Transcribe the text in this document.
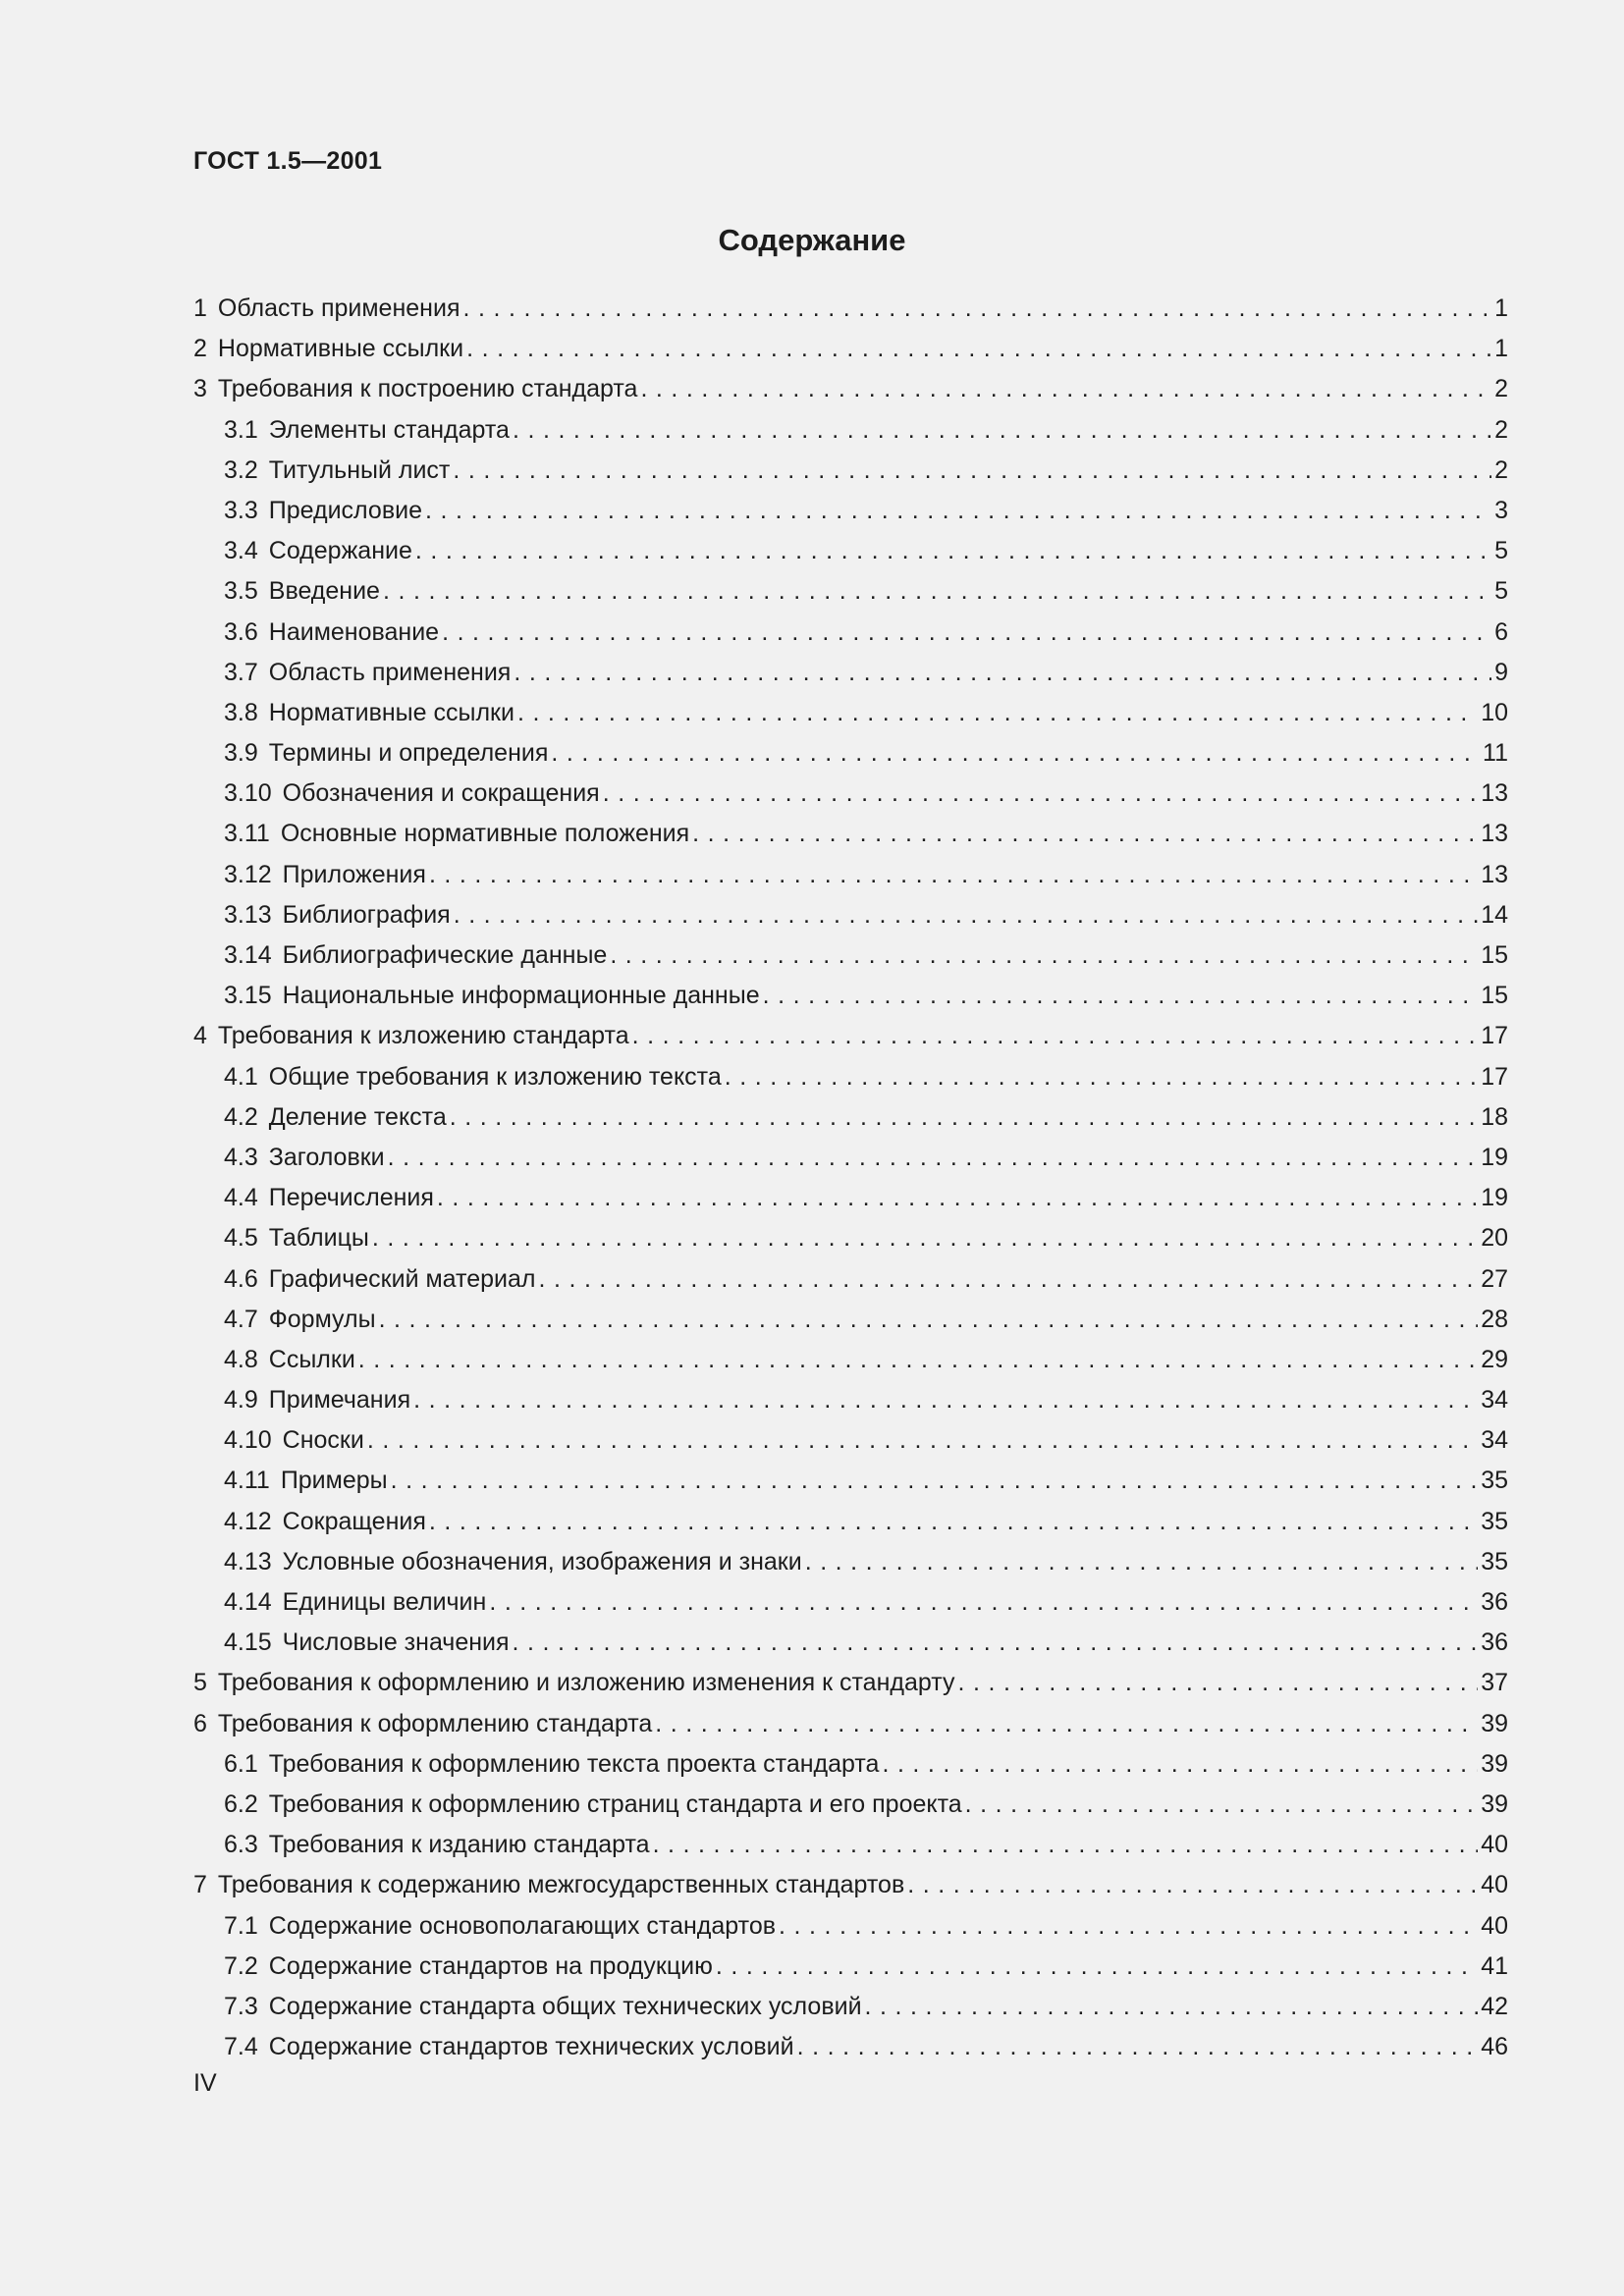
ГОСТ 1.5—2001
Содержание
1 Область применения . . .	1
2 Нормативные ссылки . . .	1
3 Требования к построению стандарта . . .	2
3.1 Элементы стандарта . . .	2
3.2 Титульный лист . . .	2
3.3 Предисловие . . .	3
3.4 Содержание . . .	5
3.5 Введение . . .	5
3.6 Наименование . . .	6
3.7 Область применения . . .	9
3.8 Нормативные ссылки . . .	10
3.9 Термины и определения . . .	11
3.10 Обозначения и сокращения . . .	13
3.11 Основные нормативные положения . . .	13
3.12 Приложения . . .	13
3.13 Библиография . . .	14
3.14 Библиографические данные . . .	15
3.15 Национальные информационные данные . . .	15
4 Требования к изложению стандарта . . .	17
4.1 Общие требования к изложению текста . . .	17
4.2 Деление текста . . .	18
4.3 Заголовки . . .	19
4.4 Перечисления . . .	19
4.5 Таблицы . . .	20
4.6 Графический материал . . .	27
4.7 Формулы . . .	28
4.8 Ссылки . . .	29
4.9 Примечания . . .	34
4.10 Сноски . . .	34
4.11 Примеры . . .	35
4.12 Сокращения . . .	35
4.13 Условные обозначения, изображения и знаки . . .	35
4.14 Единицы величин . . .	36
4.15 Числовые значения . . .	36
5 Требования к оформлению и изложению изменения к стандарту . . .	37
6 Требования к оформлению стандарта . . .	39
6.1 Требования к оформлению текста проекта стандарта . . .	39
6.2 Требования к оформлению страниц стандарта и его проекта . . .	39
6.3 Требования к изданию стандарта . . .	40
7 Требования к содержанию межгосударственных стандартов . . .	40
7.1 Содержание основополагающих стандартов . . .	40
7.2 Содержание стандартов на продукцию . . .	41
7.3 Содержание стандарта общих технических условий . . .	42
7.4 Содержание стандартов технических условий . . .	46
IV
